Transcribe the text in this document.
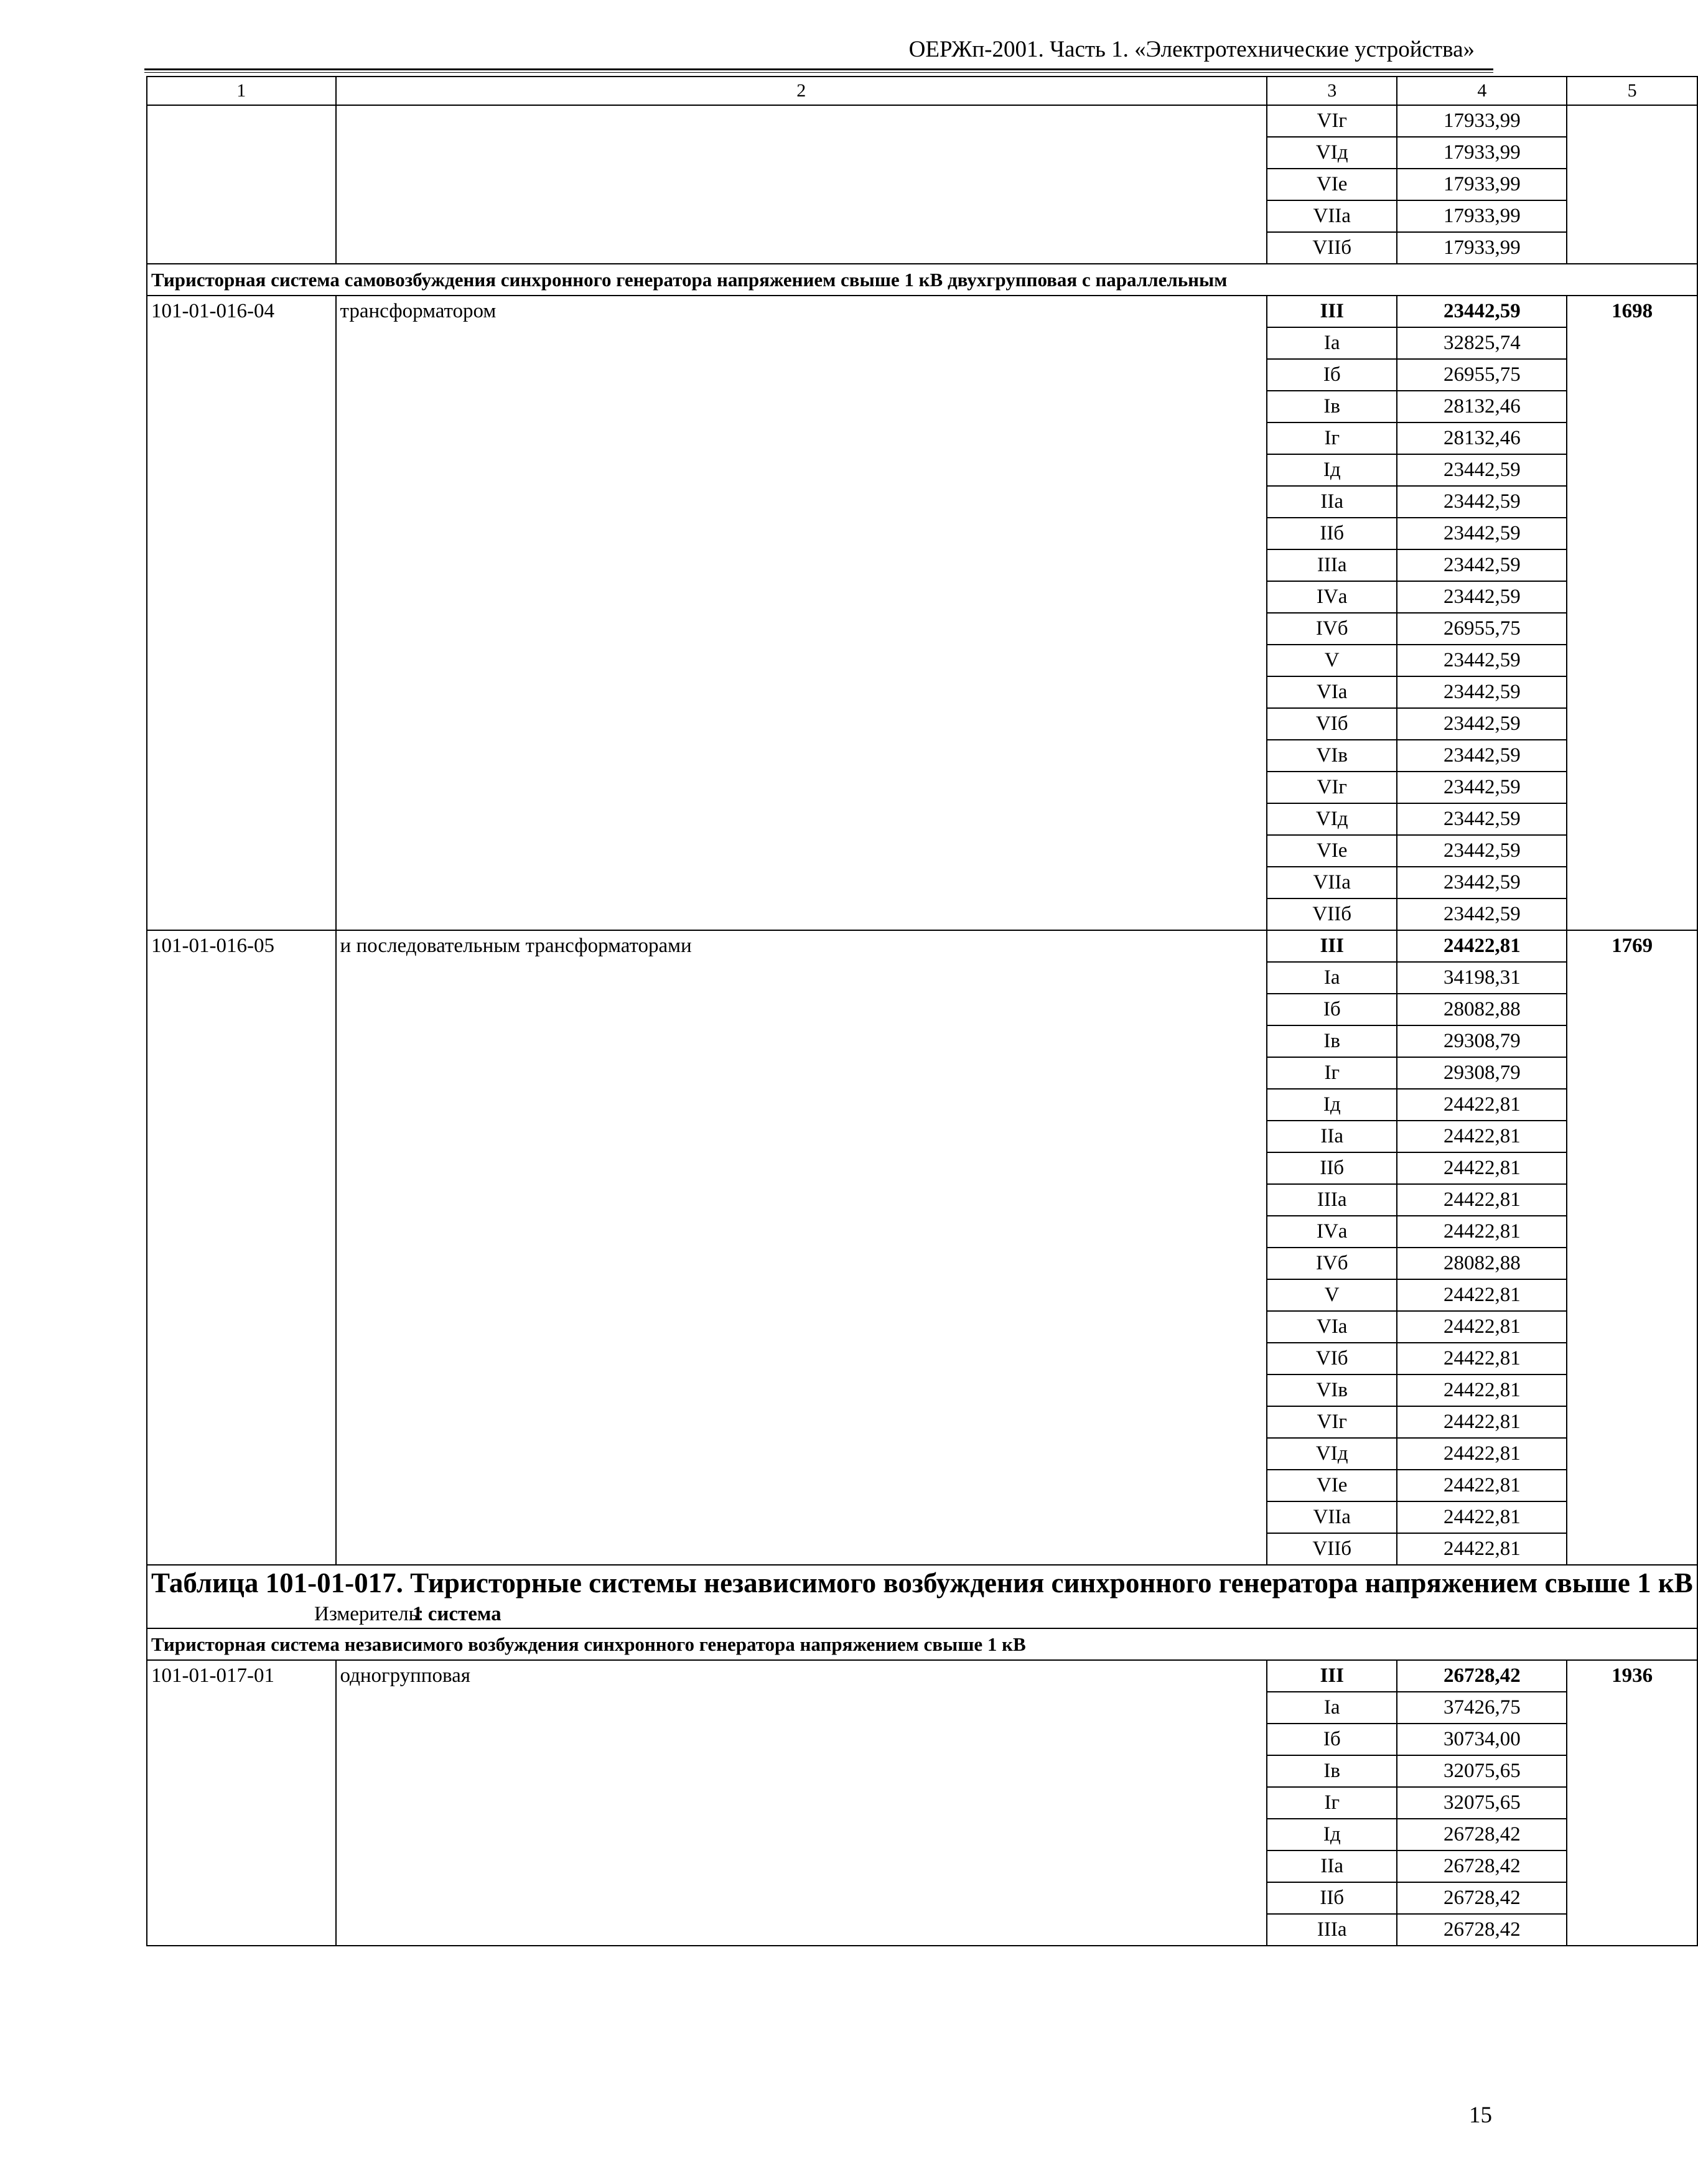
ОЕРЖп-2001. Часть 1. «Электротехнические устройства»
1	2	3	4	5
		VIг	17933,99	
		VIд	17933,99	
		VIе	17933,99	
		VIIа	17933,99	
		VIIб	17933,99	
Тиристорная система самовозбуждения синхронного генератора напряжением свыше 1 кВ двухгрупповая с параллельным				
101-01-016-04	трансформатором	III	23442,59	1698
		Iа	32825,74	
		Iб	26955,75	
		Iв	28132,46	
		Iг	28132,46	
		Iд	23442,59	
		IIа	23442,59	
		IIб	23442,59	
		IIIа	23442,59	
		IVа	23442,59	
		IVб	26955,75	
		V	23442,59	
		VIа	23442,59	
		VIб	23442,59	
		VIв	23442,59	
		VIг	23442,59	
		VIд	23442,59	
		VIе	23442,59	
		VIIа	23442,59	
		VIIб	23442,59	
101-01-016-05	и последовательным трансформаторами	III	24422,81	1769
		Iа	34198,31	
		Iб	28082,88	
		Iв	29308,79	
		Iг	29308,79	
		Iд	24422,81	
		IIа	24422,81	
		IIб	24422,81	
		IIIа	24422,81	
		IVа	24422,81	
		IVб	28082,88	
		V	24422,81	
		VIа	24422,81	
		VIб	24422,81	
		VIв	24422,81	
		VIг	24422,81	
		VIд	24422,81	
		VIе	24422,81	
		VIIа	24422,81	
		VIIб	24422,81	

Таблица 101-01-017. Тиристорные системы независимого возбуждения синхронного генератора напряжением свыше 1 кВ
Измеритель:1 система				

Тиристорная система независимого возбуждения синхронного генератора напряжением свыше 1 кВ				
101-01-017-01	одногрупповая	III	26728,42	1936
		Iа	37426,75	
		Iб	30734,00	
		Iв	32075,65	
		Iг	32075,65	
		Iд	26728,42	
		IIа	26728,42	
		IIб	26728,42	
		IIIа	26728,42	
15
